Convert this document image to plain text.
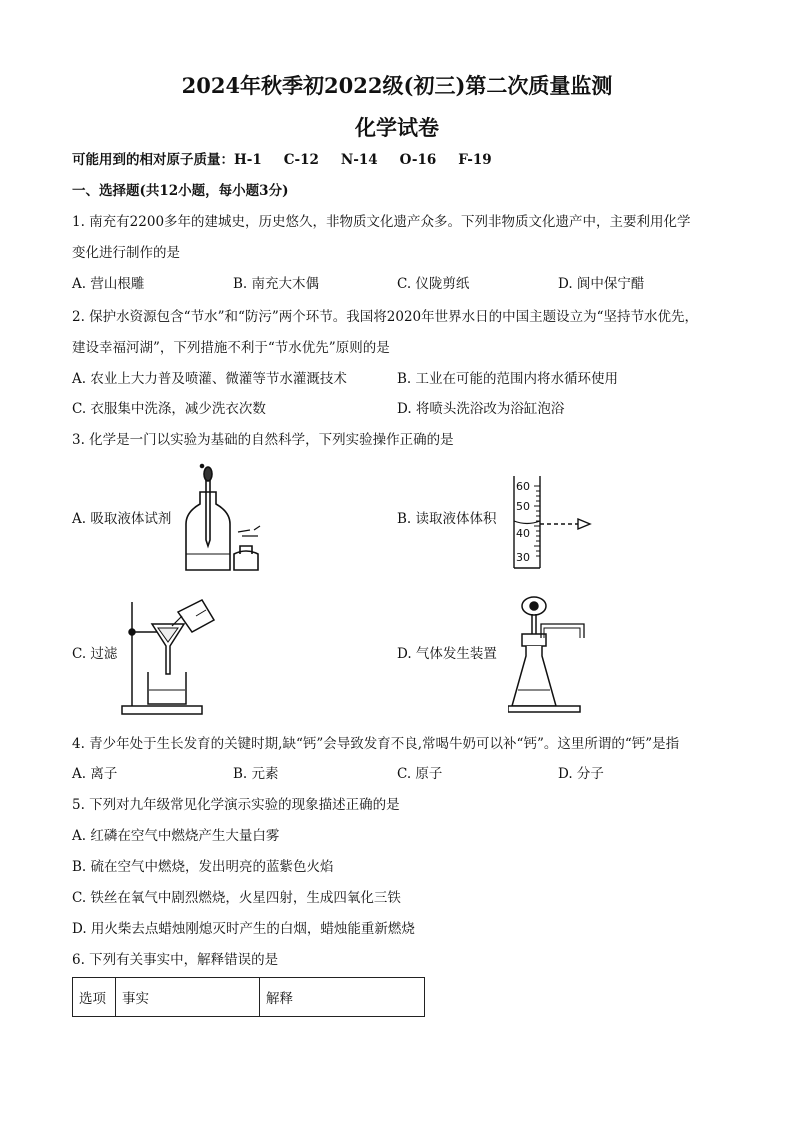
2024年秋季初2022级(初三)第二次质量监测
化学试卷
可能用到的相对原子质量：H-1 C-12 N-14 O-16 F-19
一、选择题(共12小题，每小题3分)
1. 南充有2200多年的建城史，历史悠久，非物质文化遗产众多。下列非物质文化遗产中，主要利用化学
变化进行制作的是
A. 营山根雕	B. 南充大木偶	C. 仪陇剪纸	D. 阆中保宁醋
2. 保护水资源包含“节水”和“防污”两个环节。我国将2020年世界水日的中国主题设立为“坚持节水优先，
建设幸福河湖”，下列措施不利于“节水优先”原则的是
A. 农业上大力普及喷灌、微灌等节水灌溉技术	B. 工业在可能的范围内将水循环使用
C. 衣服集中洗涤，减少洗衣次数	D. 将喷头洗浴改为浴缸泡浴
3. 化学是一门以实验为基础的自然科学，下列实验操作正确的是
A. 吸取液体试剂	B. 读取液体体积
60
50
40
30
C. 过滤	D. 气体发生装置
4. 青少年处于生长发育的关键时期,缺“钙”会导致发育不良,常喝牛奶可以补“钙”。这里所谓的“钙”是指
A. 离子	B. 元素	C. 原子	D. 分子
5. 下列对九年级常见化学演示实验的现象描述正确的是
A. 红磷在空气中燃烧产生大量白雾
B. 硫在空气中燃烧，发出明亮的蓝紫色火焰
C. 铁丝在氧气中剧烈燃烧，火星四射，生成四氧化三铁
D. 用火柴去点蜡烛刚熄灭时产生的白烟，蜡烛能重新燃烧
6. 下列有关事实中，解释错误的是
选项	事实	解释
